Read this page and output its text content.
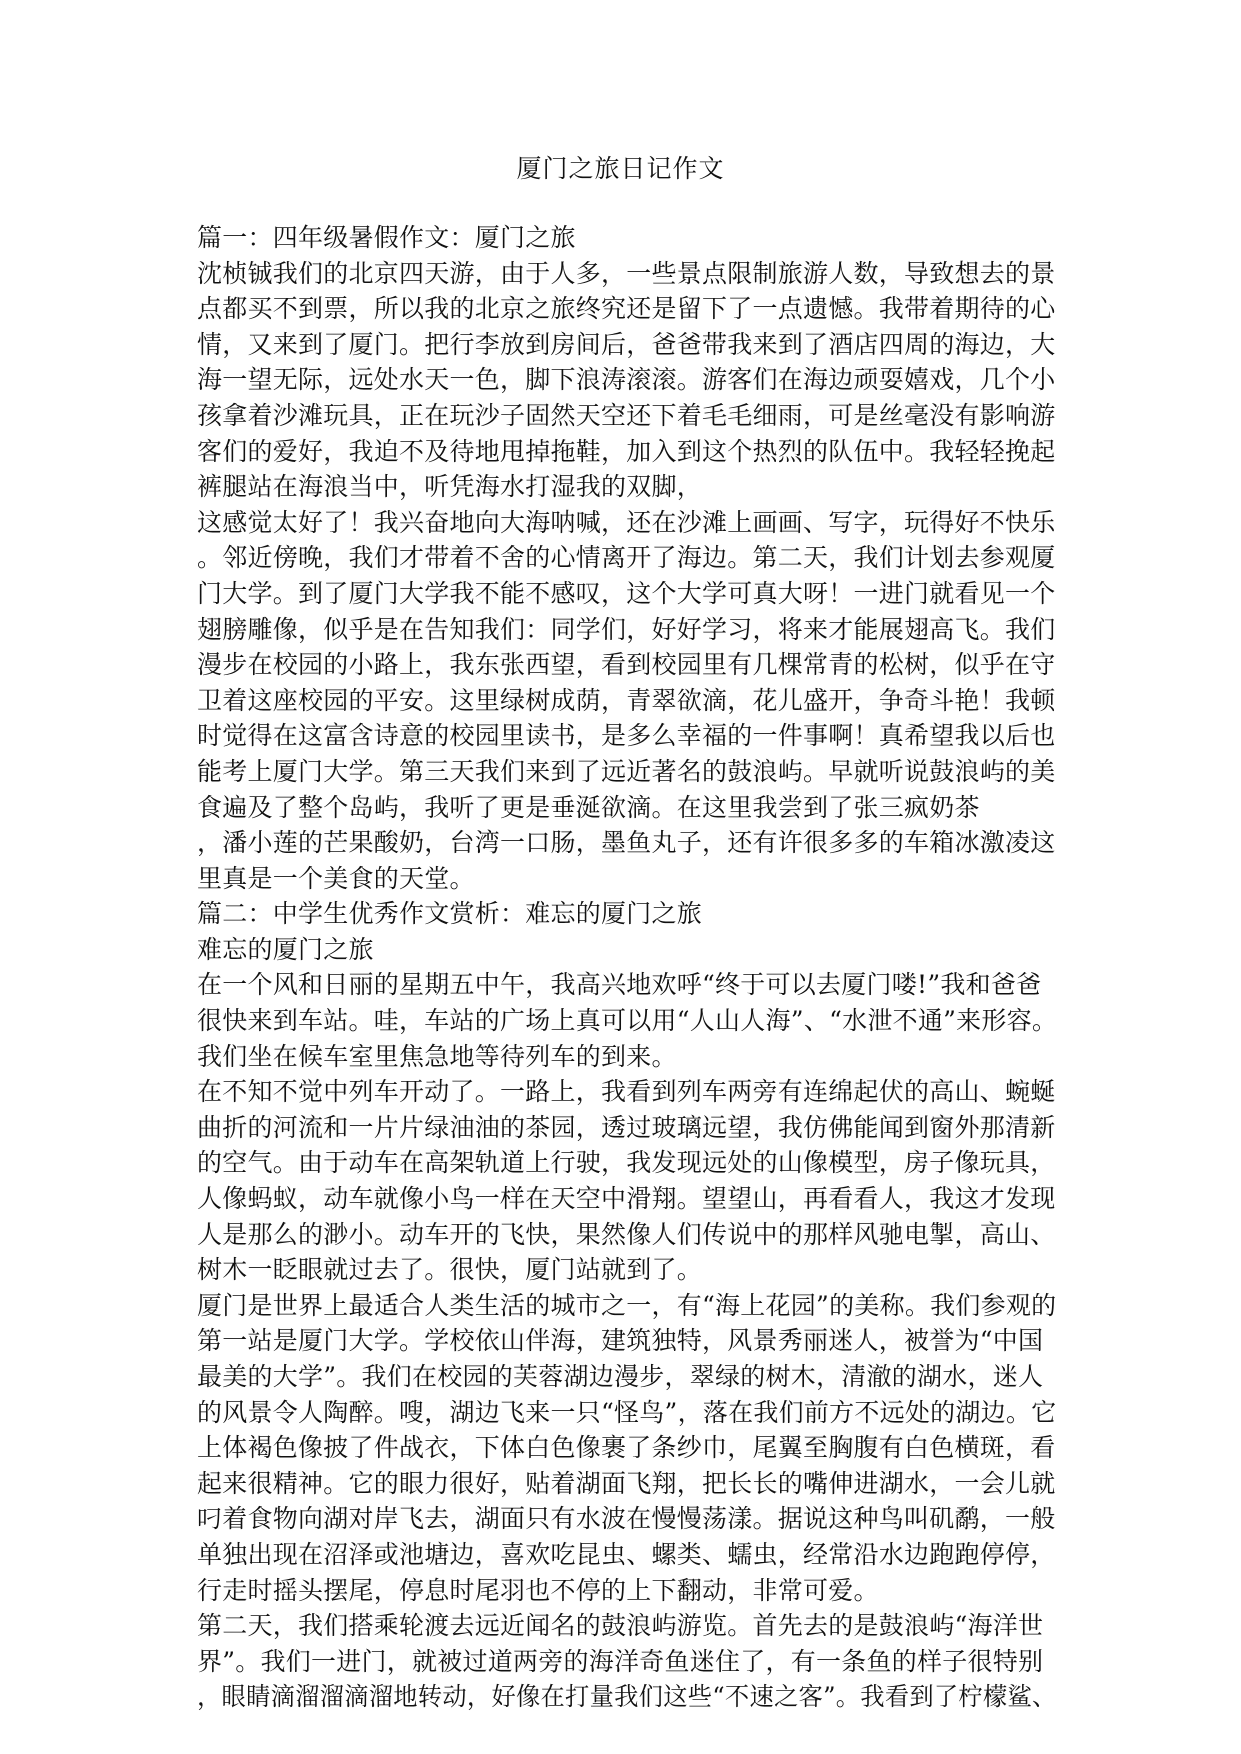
厦门之旅日记作文
篇一：四年级暑假作文：厦门之旅
沈桢铖我们的北京四天游，由于人多，一些景点限制旅游人数，导致想去的景
点都买不到票，所以我的北京之旅终究还是留下了一点遗憾。我带着期待的心
情，又来到了厦门。把行李放到房间后，爸爸带我来到了酒店四周的海边，大
海一望无际，远处水天一色，脚下浪涛滚滚。游客们在海边顽耍嬉戏，几个小
孩拿着沙滩玩具，正在玩沙子固然天空还下着毛毛细雨，可是丝毫没有影响游
客们的爱好，我迫不及待地甩掉拖鞋，加入到这个热烈的队伍中。我轻轻挽起
裤腿站在海浪当中，听凭海水打湿我的双脚，
这感觉太好了！我兴奋地向大海呐喊，还在沙滩上画画、写字，玩得好不快乐
。邻近傍晚，我们才带着不舍的心情离开了海边。第二天，我们计划去参观厦
门大学。到了厦门大学我不能不感叹，这个大学可真大呀！一进门就看见一个
翅膀雕像，似乎是在告知我们：同学们，好好学习，将来才能展翅高飞。我们
漫步在校园的小路上，我东张西望，看到校园里有几棵常青的松树，似乎在守
卫着这座校园的平安。这里绿树成荫，青翠欲滴，花儿盛开，争奇斗艳！我顿
时觉得在这富含诗意的校园里读书，是多么幸福的一件事啊！真希望我以后也
能考上厦门大学。第三天我们来到了远近著名的鼓浪屿。早就听说鼓浪屿的美
食遍及了整个岛屿，我听了更是垂涎欲滴。在这里我尝到了张三疯奶茶
，潘小莲的芒果酸奶，台湾一口肠，墨鱼丸子，还有许很多多的车箱冰激凌这
里真是一个美食的天堂。
篇二：中学生优秀作文赏析：难忘的厦门之旅
难忘的厦门之旅
在一个风和日丽的星期五中午，我高兴地欢呼“终于可以去厦门喽!”我和爸爸
很快来到车站。哇，车站的广场上真可以用“人山人海”、“水泄不通”来形容。
我们坐在候车室里焦急地等待列车的到来。
在不知不觉中列车开动了。一路上，我看到列车两旁有连绵起伏的高山、蜿蜒
曲折的河流和一片片绿油油的茶园，透过玻璃远望，我仿佛能闻到窗外那清新
的空气。由于动车在高架轨道上行驶，我发现远处的山像模型，房子像玩具，
人像蚂蚁，动车就像小鸟一样在天空中滑翔。望望山，再看看人，我这才发现
人是那么的渺小。动车开的飞快，果然像人们传说中的那样风驰电掣，高山、
树木一眨眼就过去了。很快，厦门站就到了。
厦门是世界上最适合人类生活的城市之一，有“海上花园”的美称。我们参观的
第一站是厦门大学。学校依山伴海，建筑独特，风景秀丽迷人，被誉为“中国
最美的大学”。我们在校园的芙蓉湖边漫步，翠绿的树木，清澈的湖水，迷人
的风景令人陶醉。嗖，湖边飞来一只“怪鸟”，落在我们前方不远处的湖边。它
上体褐色像披了件战衣，下体白色像裹了条纱巾，尾翼至胸腹有白色横斑，看
起来很精神。它的眼力很好，贴着湖面飞翔，把长长的嘴伸进湖水，一会儿就
叼着食物向湖对岸飞去，湖面只有水波在慢慢荡漾。据说这种鸟叫矶鹬，一般
单独出现在沼泽或池塘边，喜欢吃昆虫、螺类、蠕虫，经常沿水边跑跑停停，
行走时摇头摆尾，停息时尾羽也不停的上下翻动，非常可爱。
第二天，我们搭乘轮渡去远近闻名的鼓浪屿游览。首先去的是鼓浪屿“海洋世
界”。我们一进门，就被过道两旁的海洋奇鱼迷住了，有一条鱼的样子很特别
，眼睛滴溜溜滴溜地转动，好像在打量我们这些“不速之客”。我看到了柠檬鲨、
